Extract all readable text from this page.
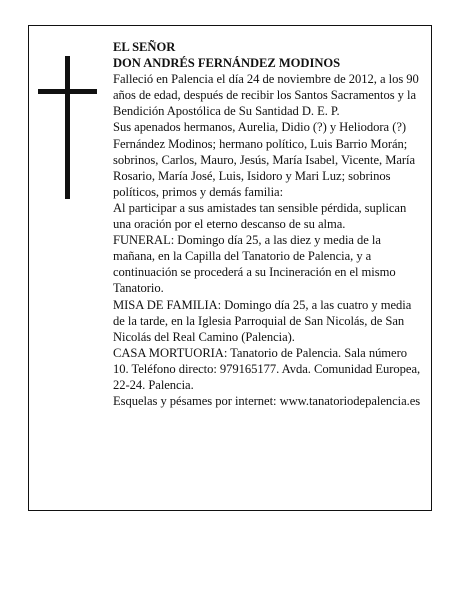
EL SEÑOR

DON ANDRÉS FERNÁNDEZ MODINOS

Falleció en Palencia el día 24 de noviembre de 2012, a los 90 años de edad, después de recibir los Santos Sacramentos y la Bendición Apostólica de Su Santidad D. E. P.

Sus apenados hermanos, Aurelia, Didio (?) y Heliodora (?) Fernández Modinos; hermano político, Luis Barrio Morán; sobrinos, Carlos, Mauro, Jesús, María Isabel, Vicente, María Rosario, María José, Luis, Isidoro y Mari Luz; sobrinos políticos, primos y demás familia:

Al participar a sus amistades tan sensible pérdida, suplican una oración por el eterno descanso de su alma.

FUNERAL: Domingo día 25, a las diez y media de la mañana, en la Capilla del Tanatorio de Palencia, y a continuación se procederá a su Incineración en el mismo Tanatorio.

MISA DE FAMILIA: Domingo día 25, a las cuatro y media de la tarde, en la Iglesia Parroquial de San Nicolás, de San Nicolás del Real Camino (Palencia).

CASA MORTUORIA: Tanatorio de Palencia. Sala número 10. Teléfono directo: 979165177. Avda. Comunidad Europea, 22-24. Palencia.

Esquelas y pésames por internet: www.tanatoriodepalencia.es
